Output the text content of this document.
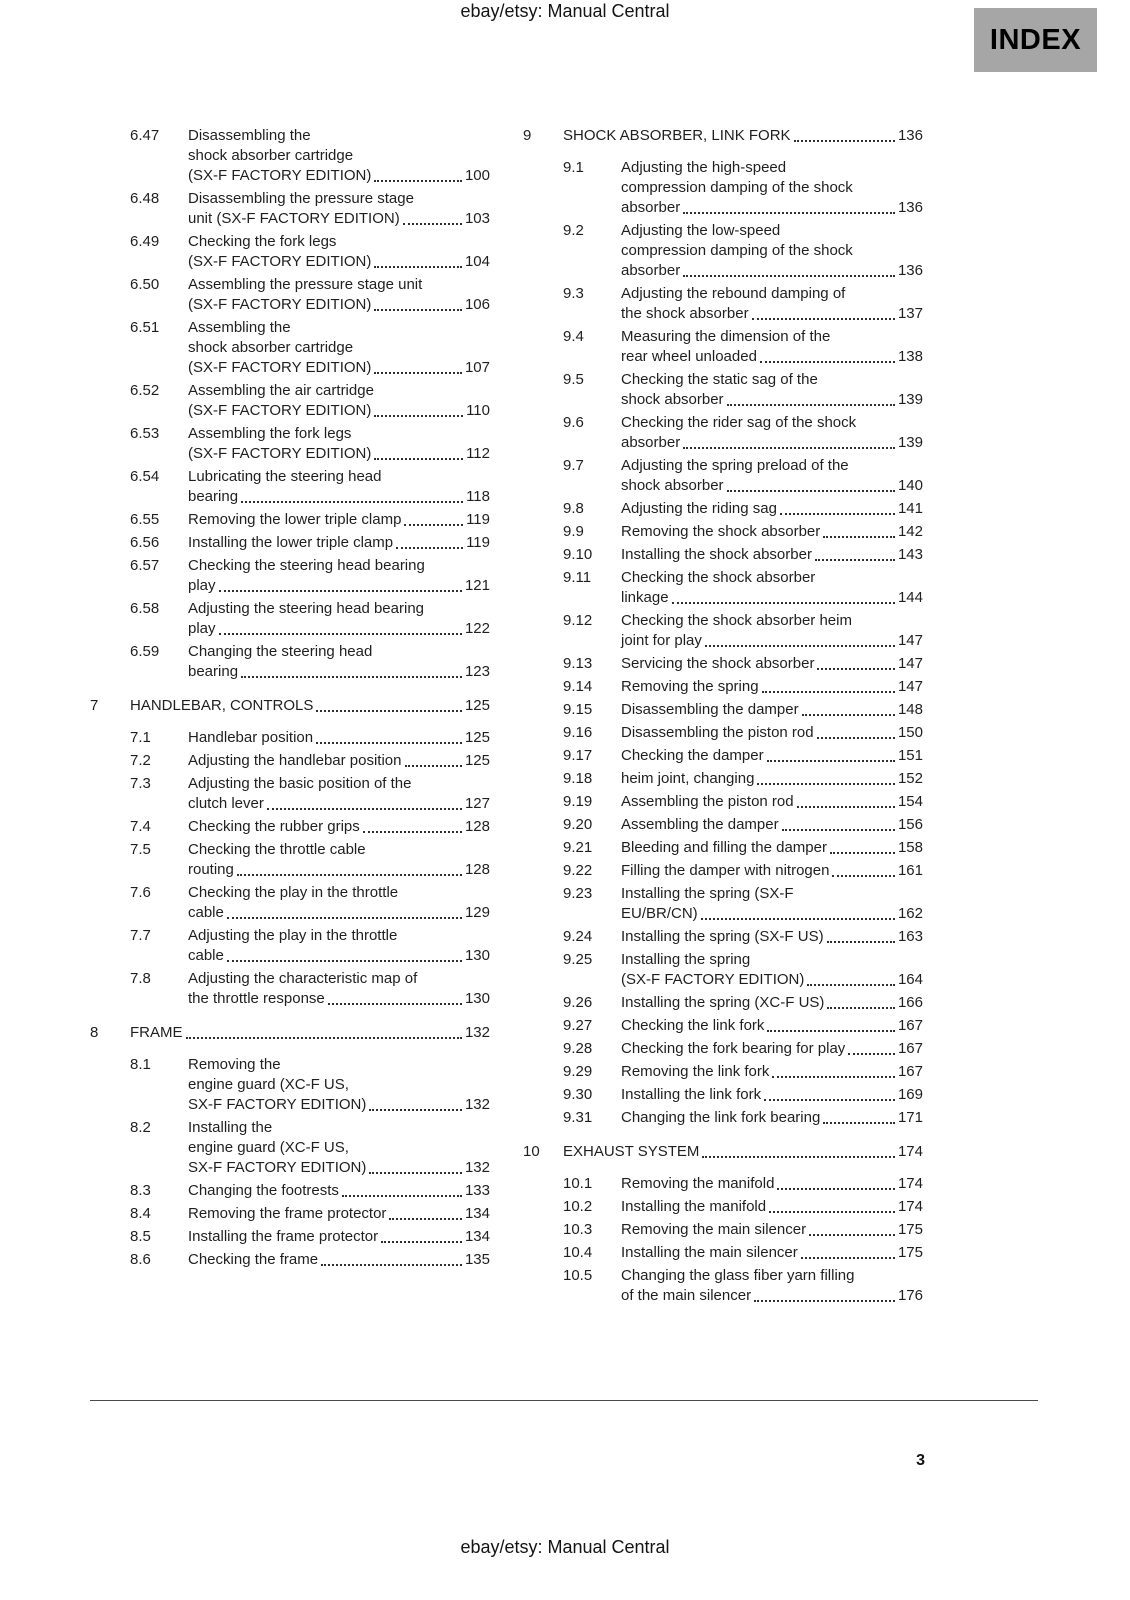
ebay/etsy: Manual Central
INDEX
6.47	Disassembling the
shock absorber cartridge
(SX-F FACTORY EDITION)	100
6.48	Disassembling the pressure stage
unit (SX-F FACTORY EDITION)	103
6.49	Checking the fork legs
(SX-F FACTORY EDITION)	104
6.50	Assembling the pressure stage unit
(SX-F FACTORY EDITION)	106
6.51	Assembling the
shock absorber cartridge
(SX-F FACTORY EDITION)	107
6.52	Assembling the air cartridge
(SX-F FACTORY EDITION)	110
6.53	Assembling the fork legs
(SX-F FACTORY EDITION)	112
6.54	Lubricating the steering head
bearing	118
6.55	Removing the lower triple clamp	119
6.56	Installing the lower triple clamp	119
6.57	Checking the steering head bearing
play	121
6.58	Adjusting the steering head bearing
play	122
6.59	Changing the steering head
bearing	123
7	HANDLEBAR, CONTROLS	125
7.1	Handlebar position	125
7.2	Adjusting the handlebar position	125
7.3	Adjusting the basic position of the
clutch lever	127
7.4	Checking the rubber grips	128
7.5	Checking the throttle cable
routing	128
7.6	Checking the play in the throttle
cable	129
7.7	Adjusting the play in the throttle
cable	130
7.8	Adjusting the characteristic map of
the throttle response	130
8	FRAME	132
8.1	Removing the
engine guard (XC-F US,
SX-F FACTORY EDITION)	132
8.2	Installing the
engine guard (XC-F US,
SX-F FACTORY EDITION)	132
8.3	Changing the footrests	133
8.4	Removing the frame protector	134
8.5	Installing the frame protector	134
8.6	Checking the frame	135
9	SHOCK ABSORBER, LINK FORK	136
9.1	Adjusting the high-speed
compression damping of the shock
absorber	136
9.2	Adjusting the low-speed
compression damping of the shock
absorber	136
9.3	Adjusting the rebound damping of
the shock absorber	137
9.4	Measuring the dimension of the
rear wheel unloaded	138
9.5	Checking the static sag of the
shock absorber	139
9.6	Checking the rider sag of the shock
absorber	139
9.7	Adjusting the spring preload of the
shock absorber	140
9.8	Adjusting the riding sag	141
9.9	Removing the shock absorber	142
9.10	Installing the shock absorber	143
9.11	Checking the shock absorber
linkage	144
9.12	Checking the shock absorber heim
joint for play	147
9.13	Servicing the shock absorber	147
9.14	Removing the spring	147
9.15	Disassembling the damper	148
9.16	Disassembling the piston rod	150
9.17	Checking the damper	151
9.18	heim joint, changing	152
9.19	Assembling the piston rod	154
9.20	Assembling the damper	156
9.21	Bleeding and filling the damper	158
9.22	Filling the damper with nitrogen	161
9.23	Installing the spring (SX-F
EU/BR/CN)	162
9.24	Installing the spring (SX-F US)	163
9.25	Installing the spring
(SX-F FACTORY EDITION)	164
9.26	Installing the spring (XC-F US)	166
9.27	Checking the link fork	167
9.28	Checking the fork bearing for play	167
9.29	Removing the link fork	167
9.30	Installing the link fork	169
9.31	Changing the link fork bearing	171
10	EXHAUST SYSTEM	174
10.1	Removing the manifold	174
10.2	Installing the manifold	174
10.3	Removing the main silencer	175
10.4	Installing the main silencer	175
10.5	Changing the glass fiber yarn filling
of the main silencer	176
3
ebay/etsy: Manual Central
